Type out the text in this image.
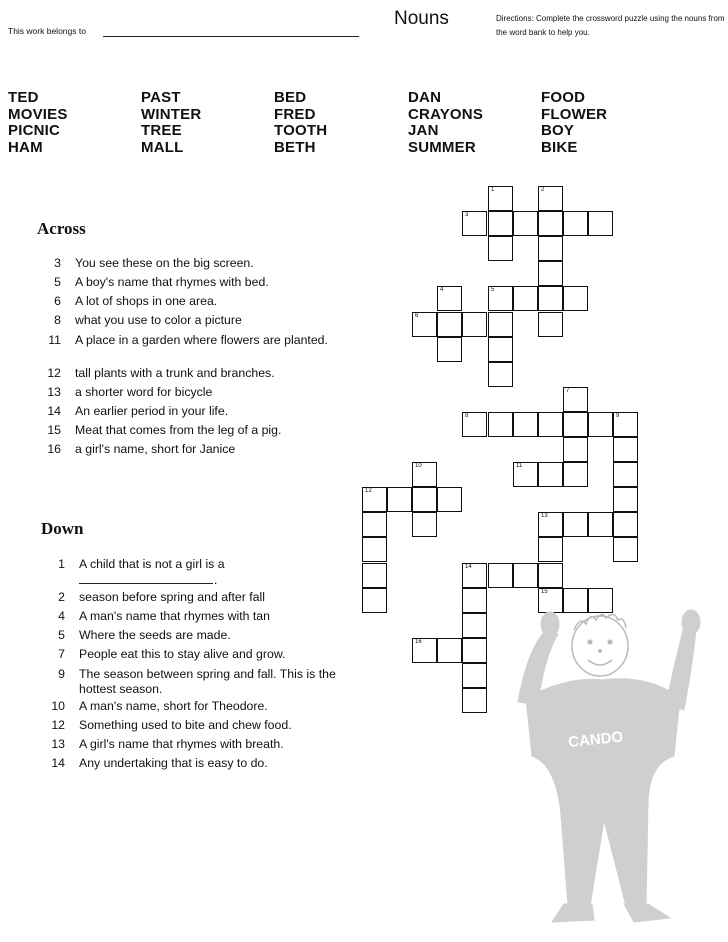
This work belongs to
Nouns	Directions: Complete the crossword puzzle using the nouns from the word bank to help you.
TED
MOVIES
PICNIC
HAM
PAST
WINTER
TREE
MALL
BED
FRED
TOOTH
BETH
DAN
CRAYONS
JAN
SUMMER
FOOD
FLOWER
BOY
BIKE
Across
3 You see these on the big screen.
5 A boy's name that rhymes with bed.
6 A lot of shops in one area.
8 what you use to color a picture
11 A place in a garden where flowers are planted.
12 tall plants with a trunk and branches.
13 a shorter word for bicycle
14 An earlier period in your life.
15 Meat that comes from the leg of a pig.
16 a girl's name, short for Janice
Down
1 A child that is not a girl is a
2 season before spring and after fall
4 A man's name that rhymes with tan
5 Where the seeds are made.
7 People eat this to stay alive and grow.
9 The season between spring and fall. This is the hottest season.
10 A man's name, short for Theodore.
12 Something used to bite and chew food.
13 A girl's name that rhymes with breath.
14 Any undertaking that is easy to do.
.
1	2
3
4	5
6
7
8	9
10	11
12
13
14
15
16
CANDO
